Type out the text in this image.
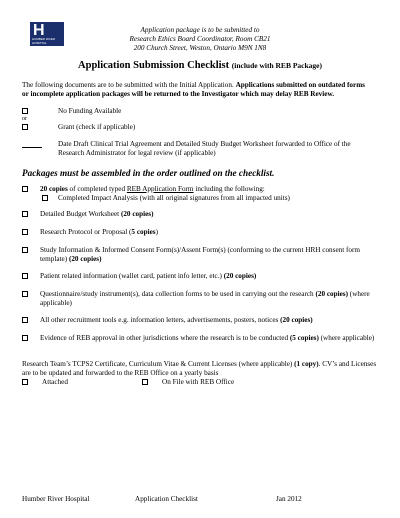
H
HUMBER RIVER
HOSPITAL
Application package is to be submitted to
Research Ethics Board Coordinator, Room CB21
200 Church Street, Weston, Ontario M9N 1N8
Application Submission Checklist (include with REB Package)
The following documents are to be submitted with the Initial Application. Applications submitted on outdated forms or incomplete application packages will be returned to the Investigator which may delay REB Review.
No Funding Available
or
Grant (check if applicable)
Date Draft Clinical Trial Agreement and Detailed Study Budget Worksheet forwarded to Office of the Research Administrator for legal review (if applicable)
Packages must be assembled in the order outlined on the checklist.
20 copies of completed typed REB Application Form including the following:
Completed Impact Analysis (with all original signatures from all impacted units)
Detailed Budget Worksheet (20 copies)
Research Protocol or Proposal (5 copies)
Study Information & Informed Consent Form(s)/Assent Form(s) (conforming to the current HRH consent form template) (20 copies)
Patient related information (wallet card, patient info letter, etc.) (20 copies)
Questionnaire/study instrument(s), data collection forms to be used in carrying out the research (20 copies) (where applicable)
All other recruitment tools e.g. information letters, advertisements, posters, notices (20 copies)
Evidence of REB approval in other jurisdictions where the research is to be conducted (5 copies) (where applicable)
Research Team’s TCPS2 Certificate, Curriculum Vitae & Current Licenses (where applicable) (1 copy). CV’s and Licenses are to be updated and forwarded to the REB Office on a yearly basis
Attached	On File with REB Office
Humber River Hospital	Application Checklist	Jan 2012
